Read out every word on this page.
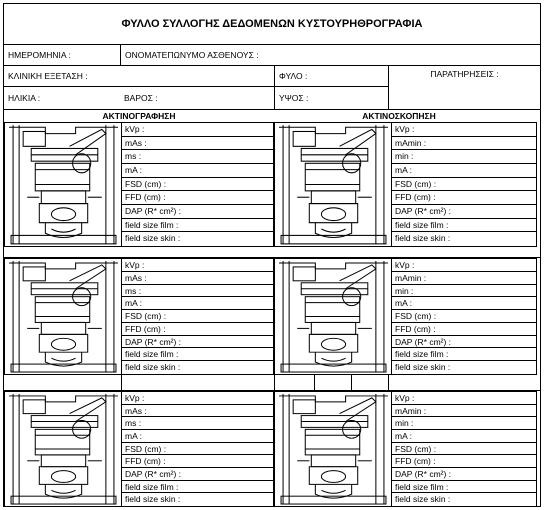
ΦΥΛΛΟ ΣΥΛΛΟΓΗΣ ΔΕΔΟΜΕΝΩΝ ΚΥΣΤΟΥΡΗΘΡΟΓΡΑΦΙΑ
ΗΜΕΡΟΜΗΝΙΑ :	ΟΝΟΜΑΤΕΠΩΝΥΜΟ ΑΣΘΕΝΟΥΣ :
ΚΛΙΝΙΚΗ ΕΞΕΤΑΣΗ :	ΦΥΛΟ :	ΠΑΡΑΤΗΡΗΣΕΙΣ :
ΗΛΙΚΙΑ :	ΒΑΡΟΣ :	ΥΨΟΣ :
ΑΚΤΙΝΟΓΡΑΦΗΣΗ	ΑΚΤΙΝΟΣΚΟΠΗΣΗ
kVp :
mAs :
ms :
mA :
FSD (cm) :
FFD (cm) :
DAP (R* cm²) :
field size film :
field size skin :
kVp :
mAmin :
min :
mA :
FSD (cm) :
FFD (cm) :
DAP (R* cm²) :
field size film :
field size skin :
kVp :
mAs :
ms :
mA :
FSD (cm) :
FFD (cm) :
DAP (R* cm²) :
field size film :
field size skin :
kVp :
mAmin :
min :
mA :
FSD (cm) :
FFD (cm) :
DAP (R* cm²) :
field size film :
field size skin :
kVp :
mAs :
ms :
mA :
FSD (cm) :
FFD (cm) :
DAP (R* cm²) :
field size film :
field size skin :
kVp :
mAmin :
min :
mA :
FSD (cm) :
FFD (cm) :
DAP (R* cm²) :
field size film :
field size skin :
